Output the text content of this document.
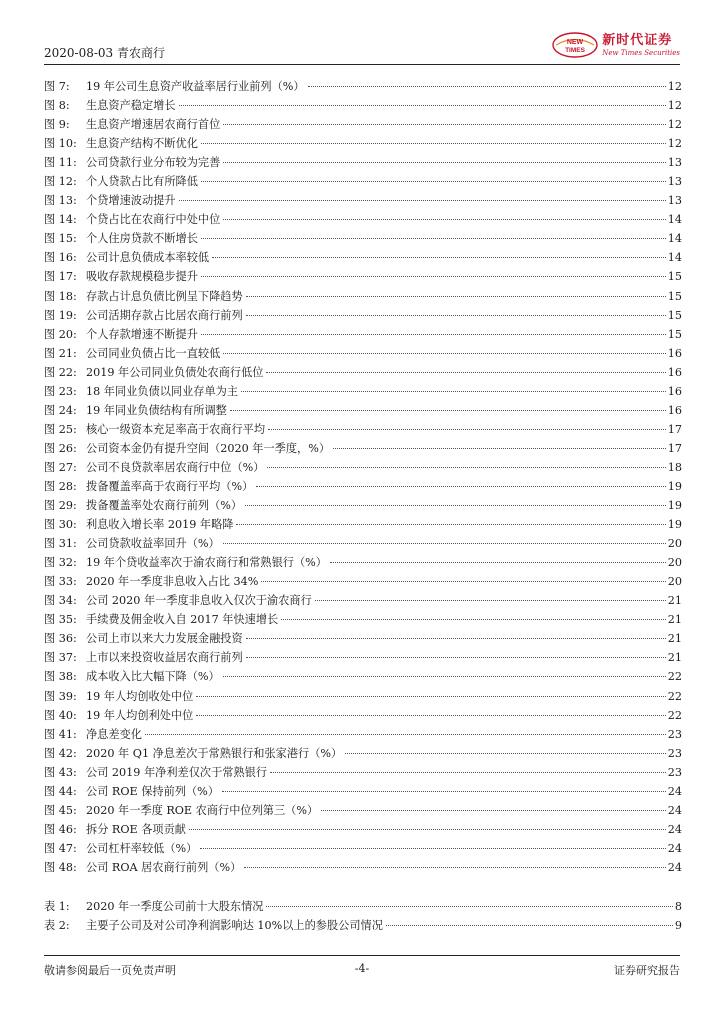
2020-08-03 青农商行
NEW
TIMES
新时代证券
New Times Securities
图 7:	19 年公司生息资产收益率居行业前列（%）	12
图 8:	生息资产稳定增长	12
图 9:	生息资产增速居农商行首位	12
图 10: 生息资产结构不断优化	12
图 11: 公司贷款行业分布较为完善	13
图 12: 个人贷款占比有所降低	13
图 13: 个贷增速波动提升	13
图 14: 个贷占比在农商行中处中位	14
图 15: 个人住房贷款不断增长	14
图 16: 公司计息负债成本率较低	14
图 17: 吸收存款规模稳步提升	15
图 18: 存款占计息负债比例呈下降趋势	15
图 19: 公司活期存款占比居农商行前列	15
图 20: 个人存款增速不断提升	15
图 21: 公司同业负债占比一直较低	16
图 22: 2019 年公司同业负债处农商行低位	16
图 23: 18 年同业负债以同业存单为主	16
图 24: 19 年同业负债结构有所调整	16
图 25: 核心一级资本充足率高于农商行平均	17
图 26: 公司资本金仍有提升空间（2020 年一季度，%）	17
图 27: 公司不良贷款率居农商行中位（%）	18
图 28: 拨备覆盖率高于农商行平均（%）	19
图 29: 拨备覆盖率处农商行前列（%）	19
图 30: 利息收入增长率 2019 年略降	19
图 31: 公司贷款收益率回升（%）	20
图 32: 19 年个贷收益率次于渝农商行和常熟银行（%）	20
图 33: 2020 年一季度非息收入占比 34%	20
图 34: 公司 2020 年一季度非息收入仅次于渝农商行	21
图 35: 手续费及佣金收入自 2017 年快速增长	21
图 36: 公司上市以来大力发展金融投资	21
图 37: 上市以来投资收益居农商行前列	21
图 38: 成本收入比大幅下降（%）	22
图 39: 19 年人均创收处中位	22
图 40: 19 年人均创利处中位	22
图 41: 净息差变化	23
图 42: 2020 年 Q1 净息差次于常熟银行和张家港行（%）	23
图 43: 公司 2019 年净利差仅次于常熟银行	23
图 44: 公司 ROE 保持前列（%）	24
图 45: 2020 年一季度 ROE 农商行中位列第三（%）	24
图 46: 拆分 ROE 各项贡献	24
图 47: 公司杠杆率较低（%）	24
图 48: 公司 ROA 居农商行前列（%）	24
表 1:	2020 年一季度公司前十大股东情况	8
表 2:	主要子公司及对公司净利润影响达 10%以上的参股公司情况	9
敬请参阅最后一页免责声明	-4-	证券研究报告
